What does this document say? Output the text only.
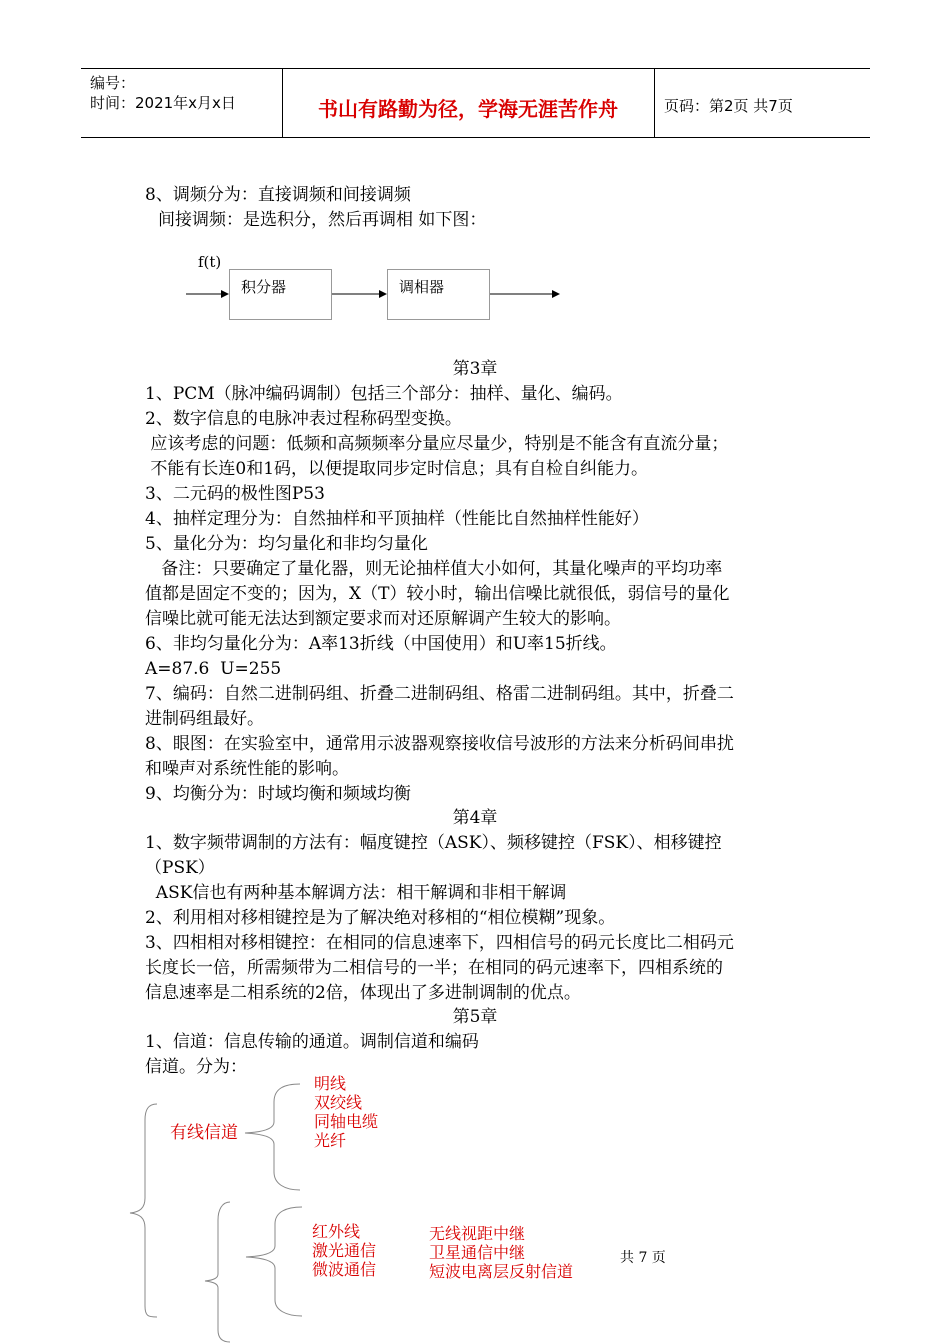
编号：
时间：2021年x月x日	书山有路勤为径，学海无涯苦作舟	页码：第2页 共7页
8、调频分为：直接调频和间接调频
间接调频：是选积分，然后再调相 如下图：
f(t)
积分器	调相器
第3章
1、PCM（脉冲编码调制）包括三个部分：抽样、量化、编码。
2、数字信息的电脉冲表过程称码型变换。
应该考虑的问题：低频和高频频率分量应尽量少，特别是不能含有直流分量；
不能有长连0和1码，以便提取同步定时信息；具有自检自纠能力。
3、二元码的极性图P53
4、抽样定理分为：自然抽样和平顶抽样（性能比自然抽样性能好）
5、量化分为：均匀量化和非均匀量化
备注：只要确定了量化器，则无论抽样值大小如何，其量化噪声的平均功率
值都是固定不变的；因为，X（T）较小时，输出信噪比就很低，弱信号的量化
信噪比就可能无法达到额定要求而对还原解调产生较大的影响。
6、非均匀量化分为：A率13折线（中国使用）和U率15折线。
A=87.6  U=255
7、编码：自然二进制码组、折叠二进制码组、格雷二进制码组。其中，折叠二
进制码组最好。
8、眼图：在实验室中，通常用示波器观察接收信号波形的方法来分析码间串扰
和噪声对系统性能的影响。
9、均衡分为：时域均衡和频域均衡
第4章
1、数字频带调制的方法有：幅度键控（ASK）、频移键控（FSK）、相移键控
（PSK）
ASK信也有两种基本解调方法：相干解调和非相干解调
2、利用相对移相键控是为了解决绝对移相的“相位模糊”现象。
3、四相相对移相键控：在相同的信息速率下，四相信号的码元长度比二相码元
长度长一倍，所需频带为二相信号的一半；在相同的码元速率下，四相系统的
信息速率是二相系统的2倍，体现出了多进制调制的优点。
第5章
1、信道：信息传输的通道。调制信道和编码
信道。分为：
有线信道
明线
双绞线
同轴电缆
光纤
红外线
激光通信
微波通信
无线视距中继
卫星通信中继
短波电离层反射信道
共 7 页
